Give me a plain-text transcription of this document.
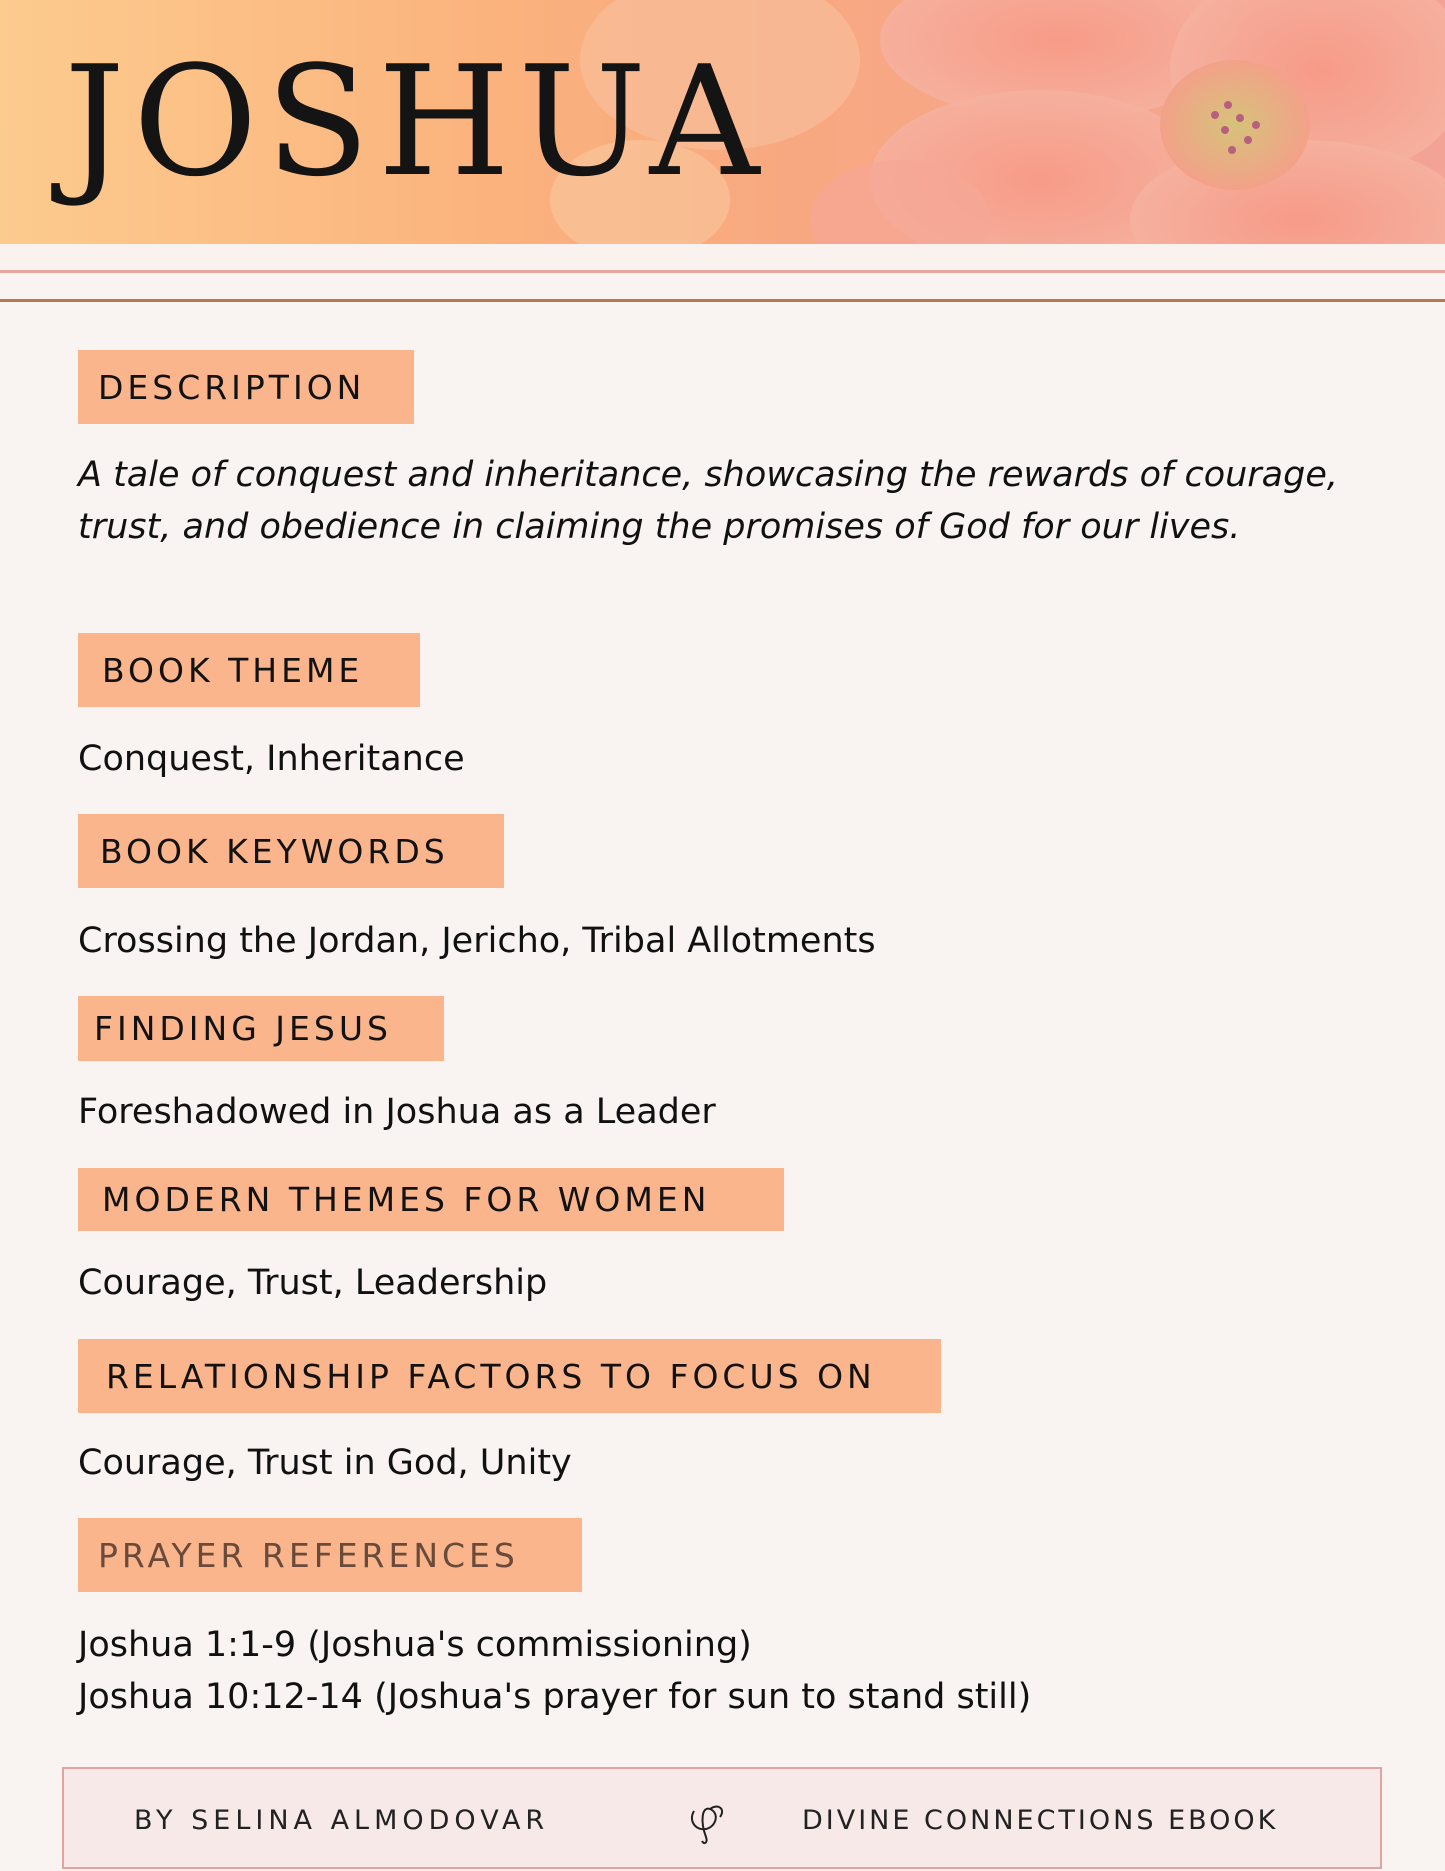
JOSHUA
DESCRIPTION
A tale of conquest and inheritance, showcasing the rewards of courage, trust, and obedience in claiming the promises of God for our lives.
BOOK THEME
Conquest, Inheritance
BOOK KEYWORDS
Crossing the Jordan, Jericho, Tribal Allotments
FINDING JESUS
Foreshadowed in Joshua as a Leader
MODERN THEMES FOR WOMEN
Courage, Trust, Leadership
RELATIONSHIP FACTORS TO FOCUS ON
Courage, Trust in God, Unity
PRAYER REFERENCES
Joshua 1:1-9 (Joshua's commissioning)
Joshua 10:12-14 (Joshua's prayer for sun to stand still)
BY SELINA ALMODOVAR	DIVINE CONNECTIONS EBOOK
